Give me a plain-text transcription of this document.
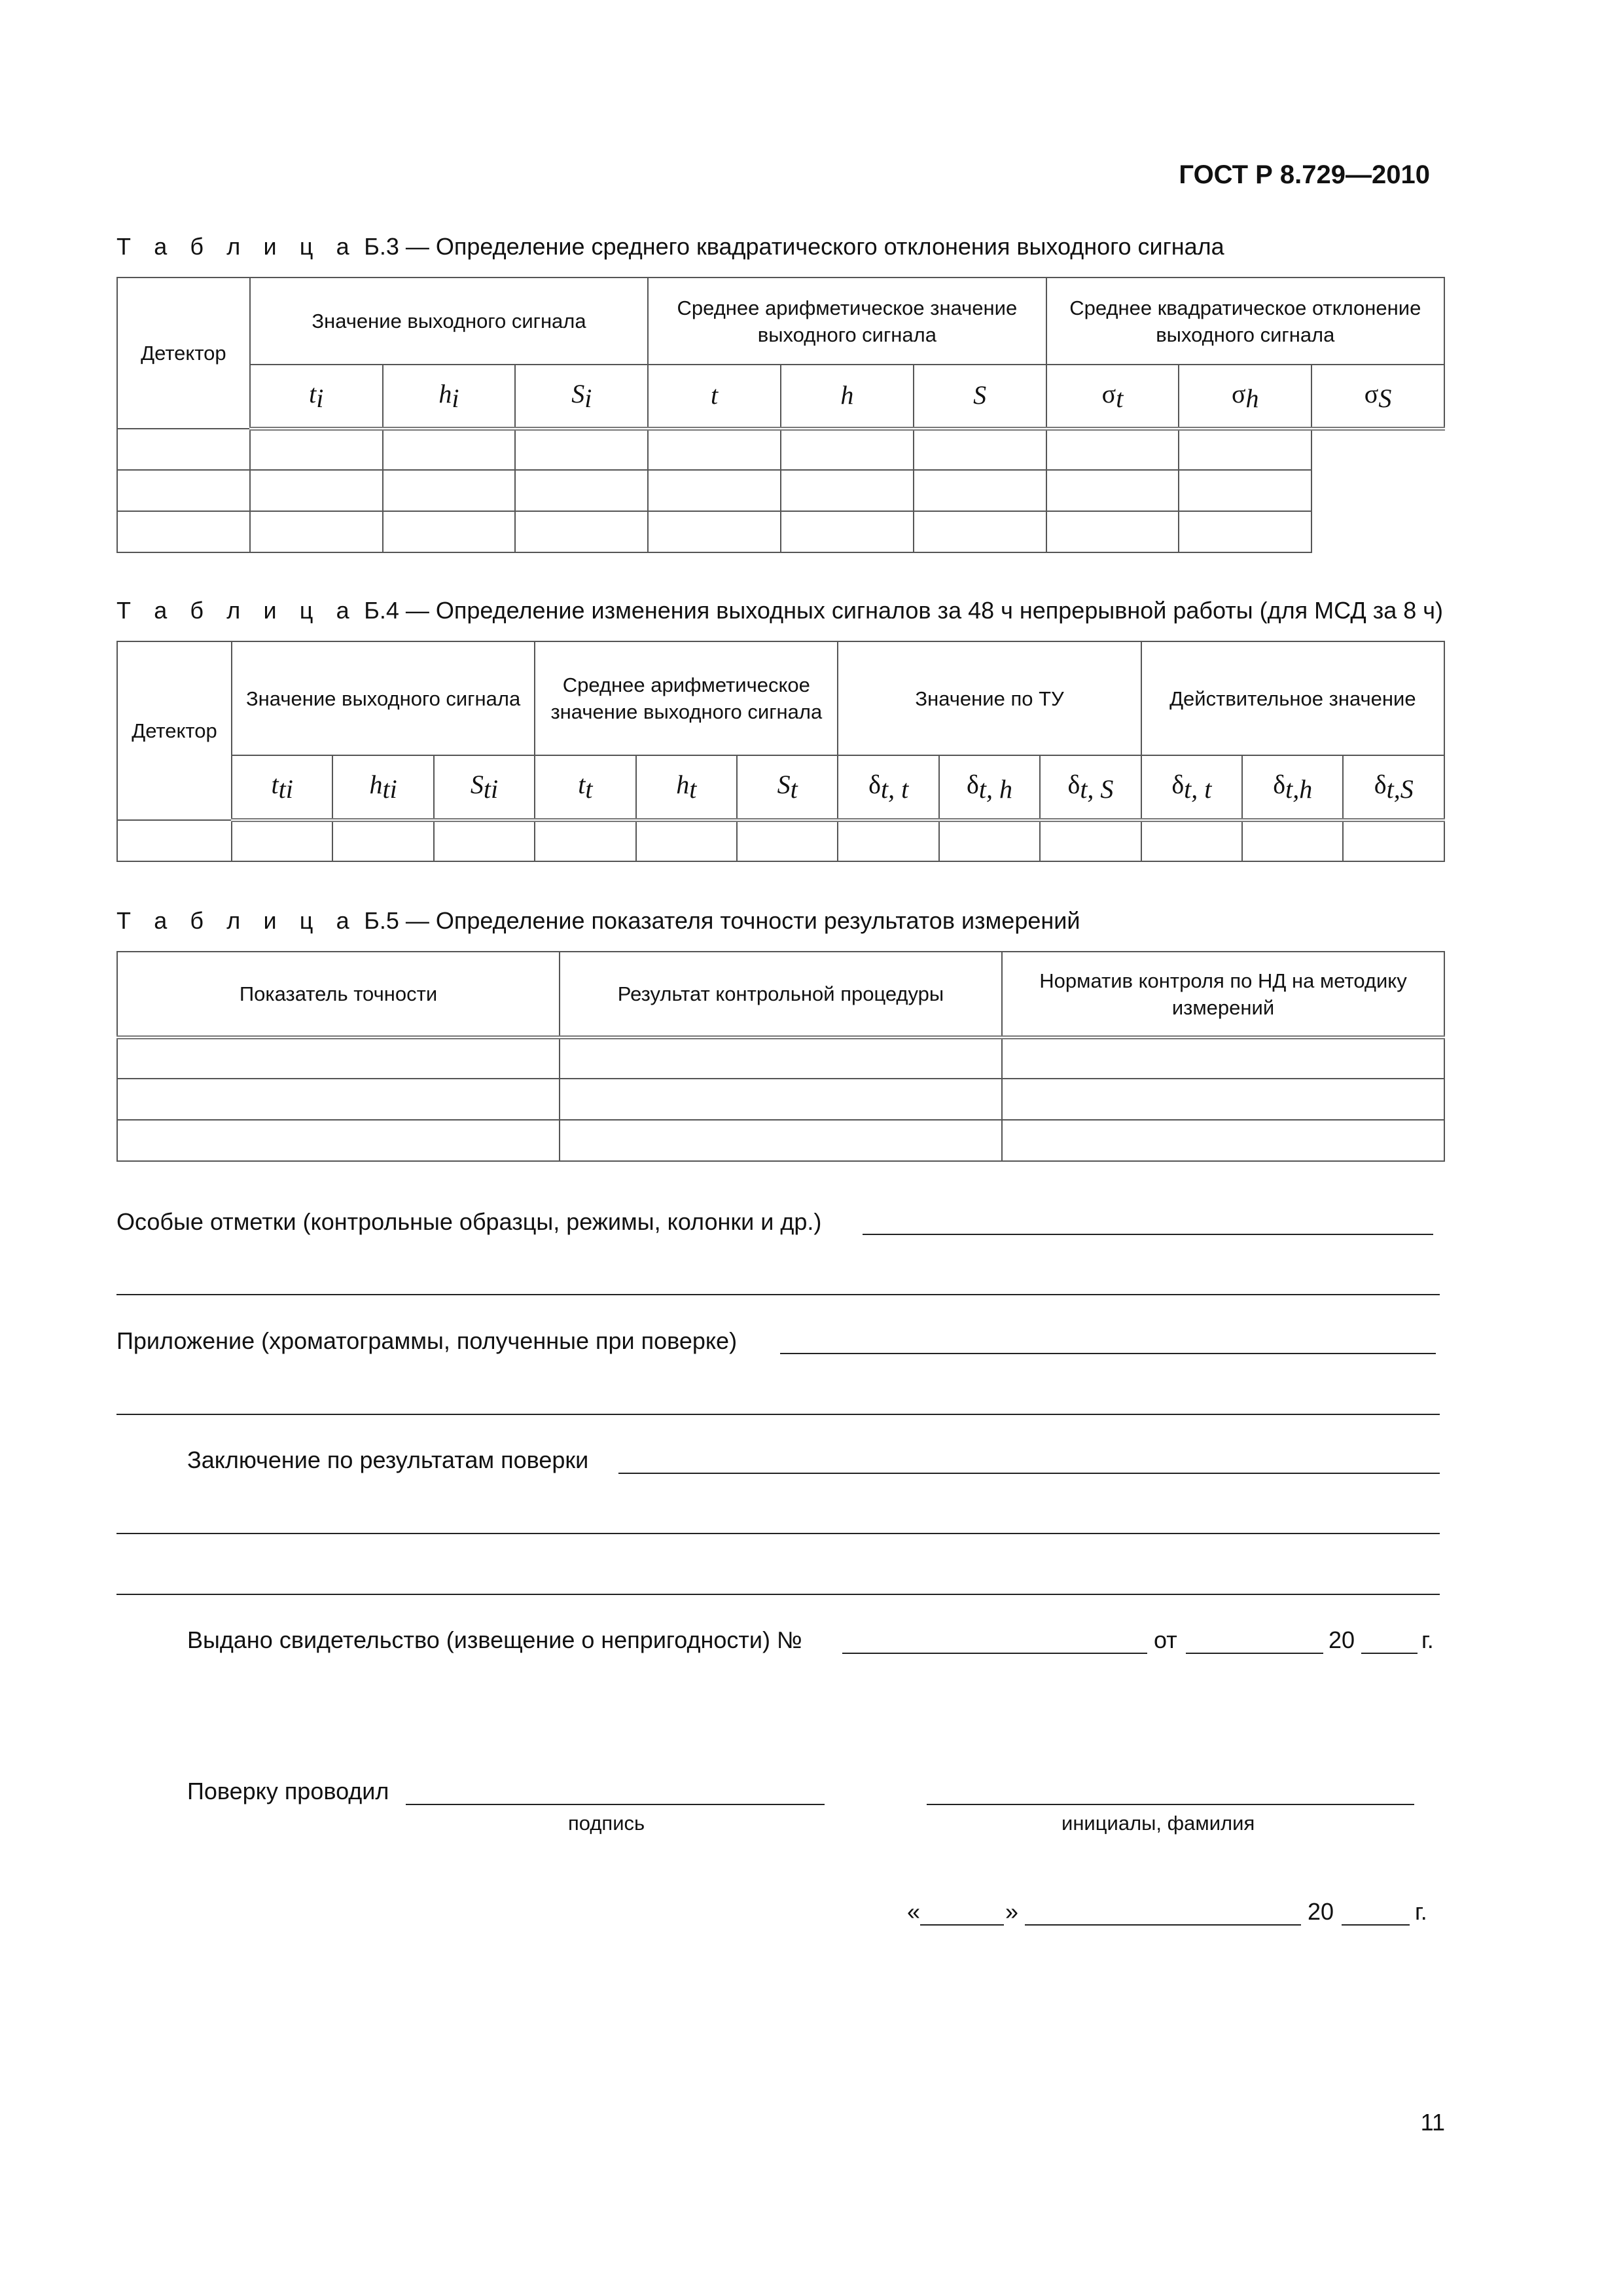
ГОСТ Р 8.729—2010
Т а б л и ц а Б.3 — Определение среднего квадратического отклонения выходного сигнала
Детектор	Значение выходного сигнала			Среднее арифметическое значение выходного сигнала			Среднее квадратическое отклонение выходного сигнала		
	$t_i$	$h_i$	$S_i$	t	h	S	$\sigma_t$	$\sigma_h$	$\sigma_S$

Т а б л и ц а Б.4 — Определение изменения выходных сигналов за 48 ч непрерывной работы (для МСД за 8 ч)
Детектор	Значение выходного сигнала			Среднее арифметическое значение выходного сигнала			Значение по ТУ			Действительное значение		
	$t_{ti}$	$h_{ti}$	$S_{ti}$	$t_t$	$h_t$	$S_t$	$\delta_{t, t}$	$\delta_{t, h}$	$\delta_{t, S}$	$\delta_{t, t}$	$\delta_{t,h}$	$\delta_{t,S}$

Т а б л и ц а Б.5 — Определение показателя точности результатов измерений
Показатель точности	Результат контрольной процедуры	Норматив контроля по НД на методику измерений

Особые отметки (контрольные образцы, режимы, колонки и др.)
Приложение (хроматограммы, полученные при поверке)
Заключение по результатам поверки
Выдано свидетельство (извещение о непригодности) №	от	20	г.
Поверку проводил
подпись	инициалы, фамилия
«	»	20	г.
11
